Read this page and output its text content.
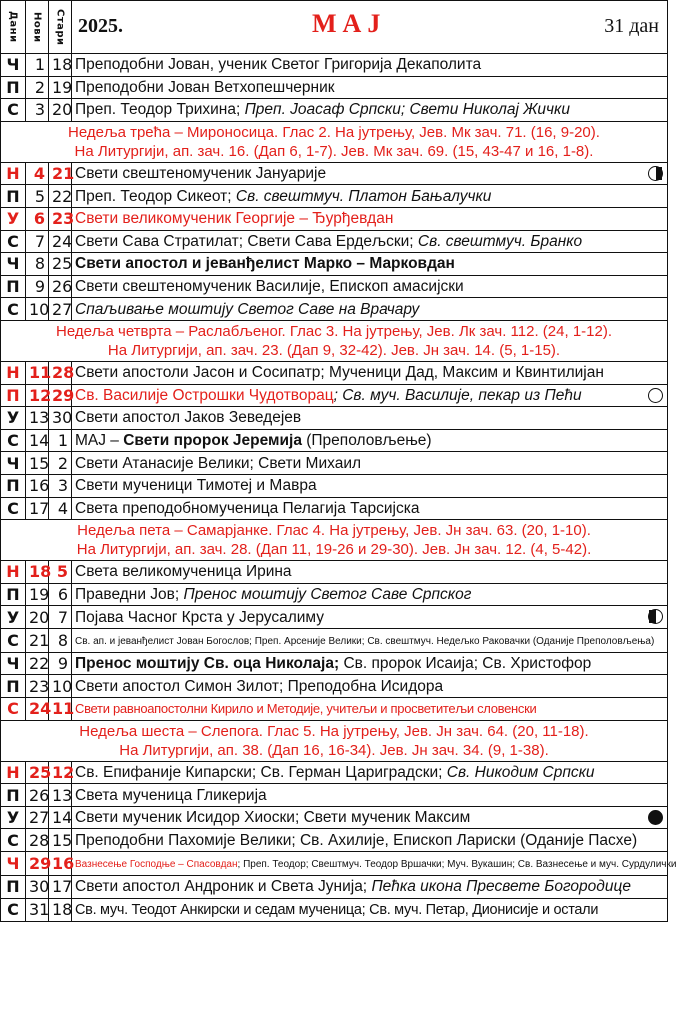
Дани	Нови	Стари	2025. МАЈ 31 дан

Ч	1	18	Преподобни Јован, ученик Светог Григорија Декаполита
П	2	19	Преподобни Јован Ветхопешчерник
С	3	20	Преп. Теодор Трихина; Преп. Јоасаф Српски; Свети Николај Жички

Недеља трећа – Мироносица. Глас 2. На јутрењу, Јев. Мк зач. 71. (16, 9-20).
На Литургији, ап. зач. 16. (Дап 6, 1-7). Јев. Мк зач. 69. (15, 43-47 и 16, 1-8).			

Н	4	21	Свети свештеномученик Јануарије

П	5	22	Преп. Теодор Сикеот; Св. свештмуч. Платон Бањалучки
У	6	23	Свети великомученик Георгије – Ђурђевдан
С	7	24	Свети Сава Стратилат; Свети Сава Ердељски; Св. свештмуч. Бранко
Ч	8	25	Свети апостол и јеванђелист Марко – Марковдан
П	9	26	Свети свештеномученик Василије, Епископ амасијски
С	10	27	Спаљивање моштију Светог Саве на Врачару

Недеља четврта – Раслабљеног. Глас 3. На јутрењу, Јев. Лк зач. 112. (24, 1-12).
На Литургији, ап. зач. 23. (Дап 9, 32-42). Јев. Јн зач. 14. (5, 1-15).			

Н	11	28	Свети апостоли Јасон и Сосипатр; Мученици Дад, Максим и Квинтилијан
П	12	29	Св. Василије Острошки Чудотворац; Св. муч. Василије, пекар из Пећи

У	13	30	Свети апостол Јаков Зеведејев
С	14	1	МАЈ – Свети пророк Јеремија (Преполовљење)
Ч	15	2	Свети Атанасије Велики; Свети Михаил
П	16	3	Свети мученици Тимотеј и Мавра
С	17	4	Света преподобномученица Пелагија Тарсијска

Недеља пета – Самарјанке. Глас 4. На јутрењу, Јев. Јн зач. 63. (20, 1-10).
На Литургији, ап. зач. 28. (Дап 11, 19-26 и 29-30). Јев. Јн зач. 12. (4, 5-42).			

Н	18	5	Света великомученица Ирина
П	19	6	Праведни Јов; Пренос моштију Светог Саве Српског
У	20	7	Појава Часног Крста у Јерусалиму

С	21	8	Св. ап. и јеванђелист Јован Богослов; Преп. Арсеније Велики; Св. свештмуч. Недељко Раковачки (Оданије Преполовљења)
Ч	22	9	Пренос моштију Св. оца Николаја; Св. пророк Исаија; Св. Христофор
П	23	10	Свети апостол Симон Зилот; Преподобна Исидора
С	24	11	Свети равноапостолни Кирило и Методије, учитељи и просветитељи словенски

Недеља шеста – Слепога. Глас 5. На јутрењу, Јев. Јн зач. 64. (20, 11-18).
На Литургији, ап. 38. (Дап 16, 16-34). Јев. Јн зач. 34. (9, 1-38).			

Н	25	12	Св. Епифаније Кипарски; Св. Герман Цариградски; Св. Никодим Српски
П	26	13	Света мученица Гликерија
У	27	14	Свети мученик Исидор Хиоски; Свети мученик Максим

С	28	15	Преподобни Пахомије Велики; Св. Ахилије, Епископ Лариски (Оданије Пасхе)
Ч	29	16	Вазнесење Господње – Спасовдан; Преп. Теодор; Свештмуч. Теодор Вршачки; Муч. Вукашин; Св. Вазнесење и муч. Сурдулички
П	30	17	Свети апостол Андроник и Света Јунија; Пећка икона Пресвете Богородице
С	31	18	Св. муч. Теодот Анкирски и седам мученица; Св. муч. Петар, Дионисије и остали
